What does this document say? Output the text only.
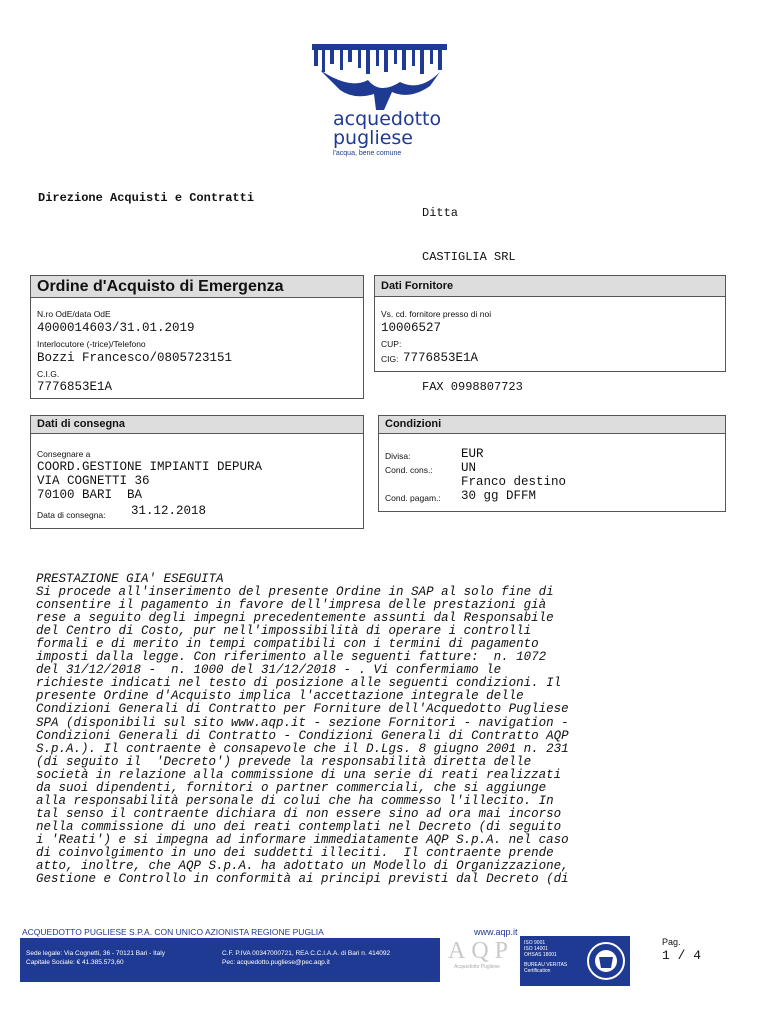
acquedotto
pugliese
l'acqua, bene comune
Direzione Acquisti e Contratti

Ditta

CASTIGLIA SRL

FAX 0998807723

Ordine d'Acquisto di Emergenza
N.ro OdE/data OdE
4000014603/31.01.2019
Interlocutore (-trice)/Telefono
Bozzi Francesco/0805723151
C.I.G.
7776853E1A
Dati Fornitore
Vs. cd. fornitore presso di noi
10006527
CUP:
CIG: 7776853E1A
Dati di consegna
Consegnare a
COORD.GESTIONE IMPIANTI DEPURA
VIA COGNETTI 36
70100 BARI  BA
Data di consegna: 31.12.2018
Condizioni
Divisa:	EUR
Cond. cons.: UN
Franco destino
Cond. pagam.: 30 gg DFFM
PRESTAZIONE GIA' ESEGUITA
Si procede all'inserimento del presente Ordine in SAP al solo fine di
consentire il pagamento in favore dell'impresa delle prestazioni già
rese a seguito degli impegni precedentemente assunti dal Responsabile
del Centro di Costo, pur nell'impossibilità di operare i controlli
formali e di merito in tempi compatibili con i termini di pagamento
imposti dalla legge. Con riferimento alle seguenti fatture:  n. 1072
del 31/12/2018 -  n. 1000 del 31/12/2018 - . Vi confermiamo le
richieste indicati nel testo di posizione alle seguenti condizioni. Il
presente Ordine d'Acquisto implica l'accettazione integrale delle
Condizioni Generali di Contratto per Forniture dell'Acquedotto Pugliese
SPA (disponibili sul sito www.aqp.it - sezione Fornitori - navigation -
Condizioni Generali di Contratto - Condizioni Generali di Contratto AQP
S.p.A.). Il contraente è consapevole che il D.Lgs. 8 giugno 2001 n. 231
(di seguito il  'Decreto') prevede la responsabilità diretta delle
società in relazione alla commissione di una serie di reati realizzati
da suoi dipendenti, fornitori o partner commerciali, che si aggiunge
alla responsabilità personale di colui che ha commesso l'illecito. In
tal senso il contraente dichiara di non essere sino ad ora mai incorso
nella commissione di uno dei reati contemplati nel Decreto (di seguito
i 'Reati') e si impegna ad informare immediatamente AQP S.p.A. nel caso
di coinvolgimento in uno dei suddetti illeciti.  Il contraente prende
atto, inoltre, che AQP S.p.A. ha adottato un Modello di Organizzazione,
Gestione e Controllo in conformità ai principi previsti dal Decreto (di
ACQUEDOTTO PUGLIESE S.P.A. CON UNICO AZIONISTA REGIONE PUGLIA	www.aqp.it
Sede legale: Via Cognetti, 36 - 70121 Bari - Italy
Capitale Sociale: € 41.385.573,60
C.F. P.IVA 00347000721, REA C.C.I.A.A. di Bari n. 414092
Pec: acquedotto.pugliese@pec.aqp.it	AQP
Acquedotto Pugliese
ISO 9001
ISO 14001
OHSAS 18001
BUREAU VERITAS
Certification
Pag.
1 / 4
